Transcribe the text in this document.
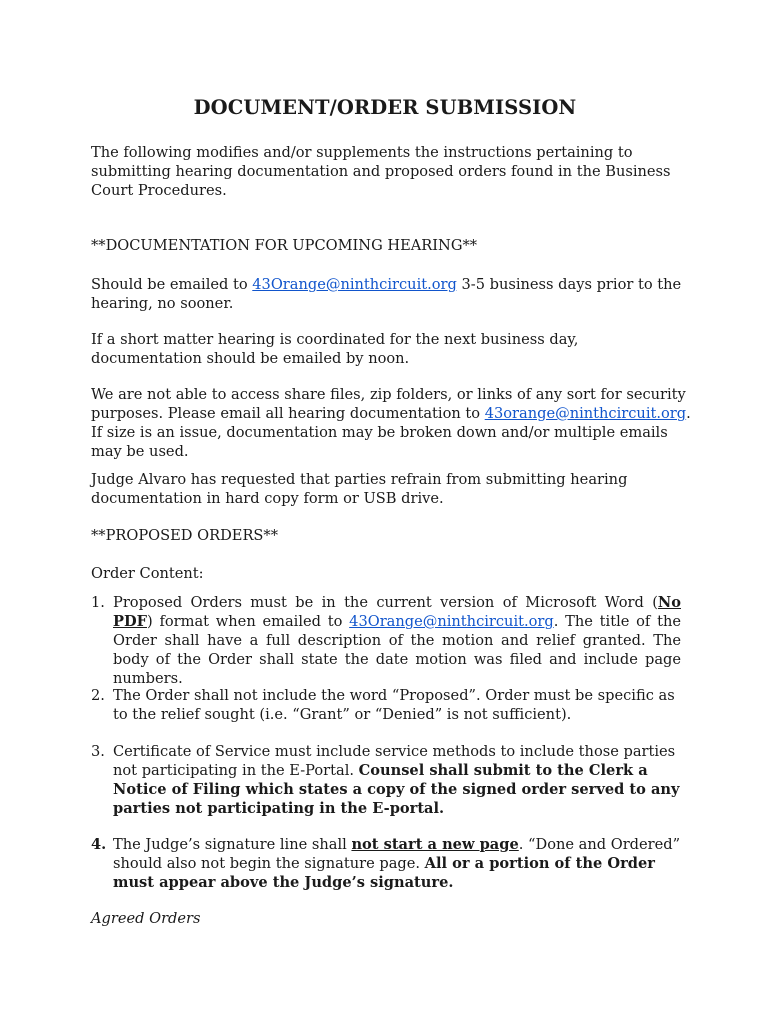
DOCUMENT/ORDER SUBMISSION
The following modifies and/or supplements the instructions pertaining to submitting hearing documentation and proposed orders found in the Business Court Procedures.
**DOCUMENTATION FOR UPCOMING HEARING**
Should be emailed to 43Orange@ninthcircuit.org 3-5 business days prior to the hearing, no sooner.
If a short matter hearing is coordinated for the next business day, documentation should be emailed by noon.
We are not able to access share files, zip folders, or links of any sort for security purposes. Please email all hearing documentation to 43orange@ninthcircuit.org. If size is an issue, documentation may be broken down and/or multiple emails may be used.
Judge Alvaro has requested that parties refrain from submitting hearing documentation in hard copy form or USB drive.
**PROPOSED ORDERS**
Order Content:
1. Proposed Orders must be in the current version of Microsoft Word (No PDF) format when emailed to 43Orange@ninthcircuit.org. The title of the Order shall have a full description of the motion and relief granted. The body of the Order shall state the date motion was filed and include page numbers.
2. The Order shall not include the word “Proposed”. Order must be specific as to the relief sought (i.e. “Grant” or “Denied” is not sufficient).
3. Certificate of Service must include service methods to include those parties not participating in the E-Portal. Counsel shall submit to the Clerk a Notice of Filing which states a copy of the signed order served to any parties not participating in the E-portal.
4. The Judge’s signature line shall not start a new page. “Done and Ordered” should also not begin the signature page. All or a portion of the Order must appear above the Judge’s signature.
Agreed Orders
